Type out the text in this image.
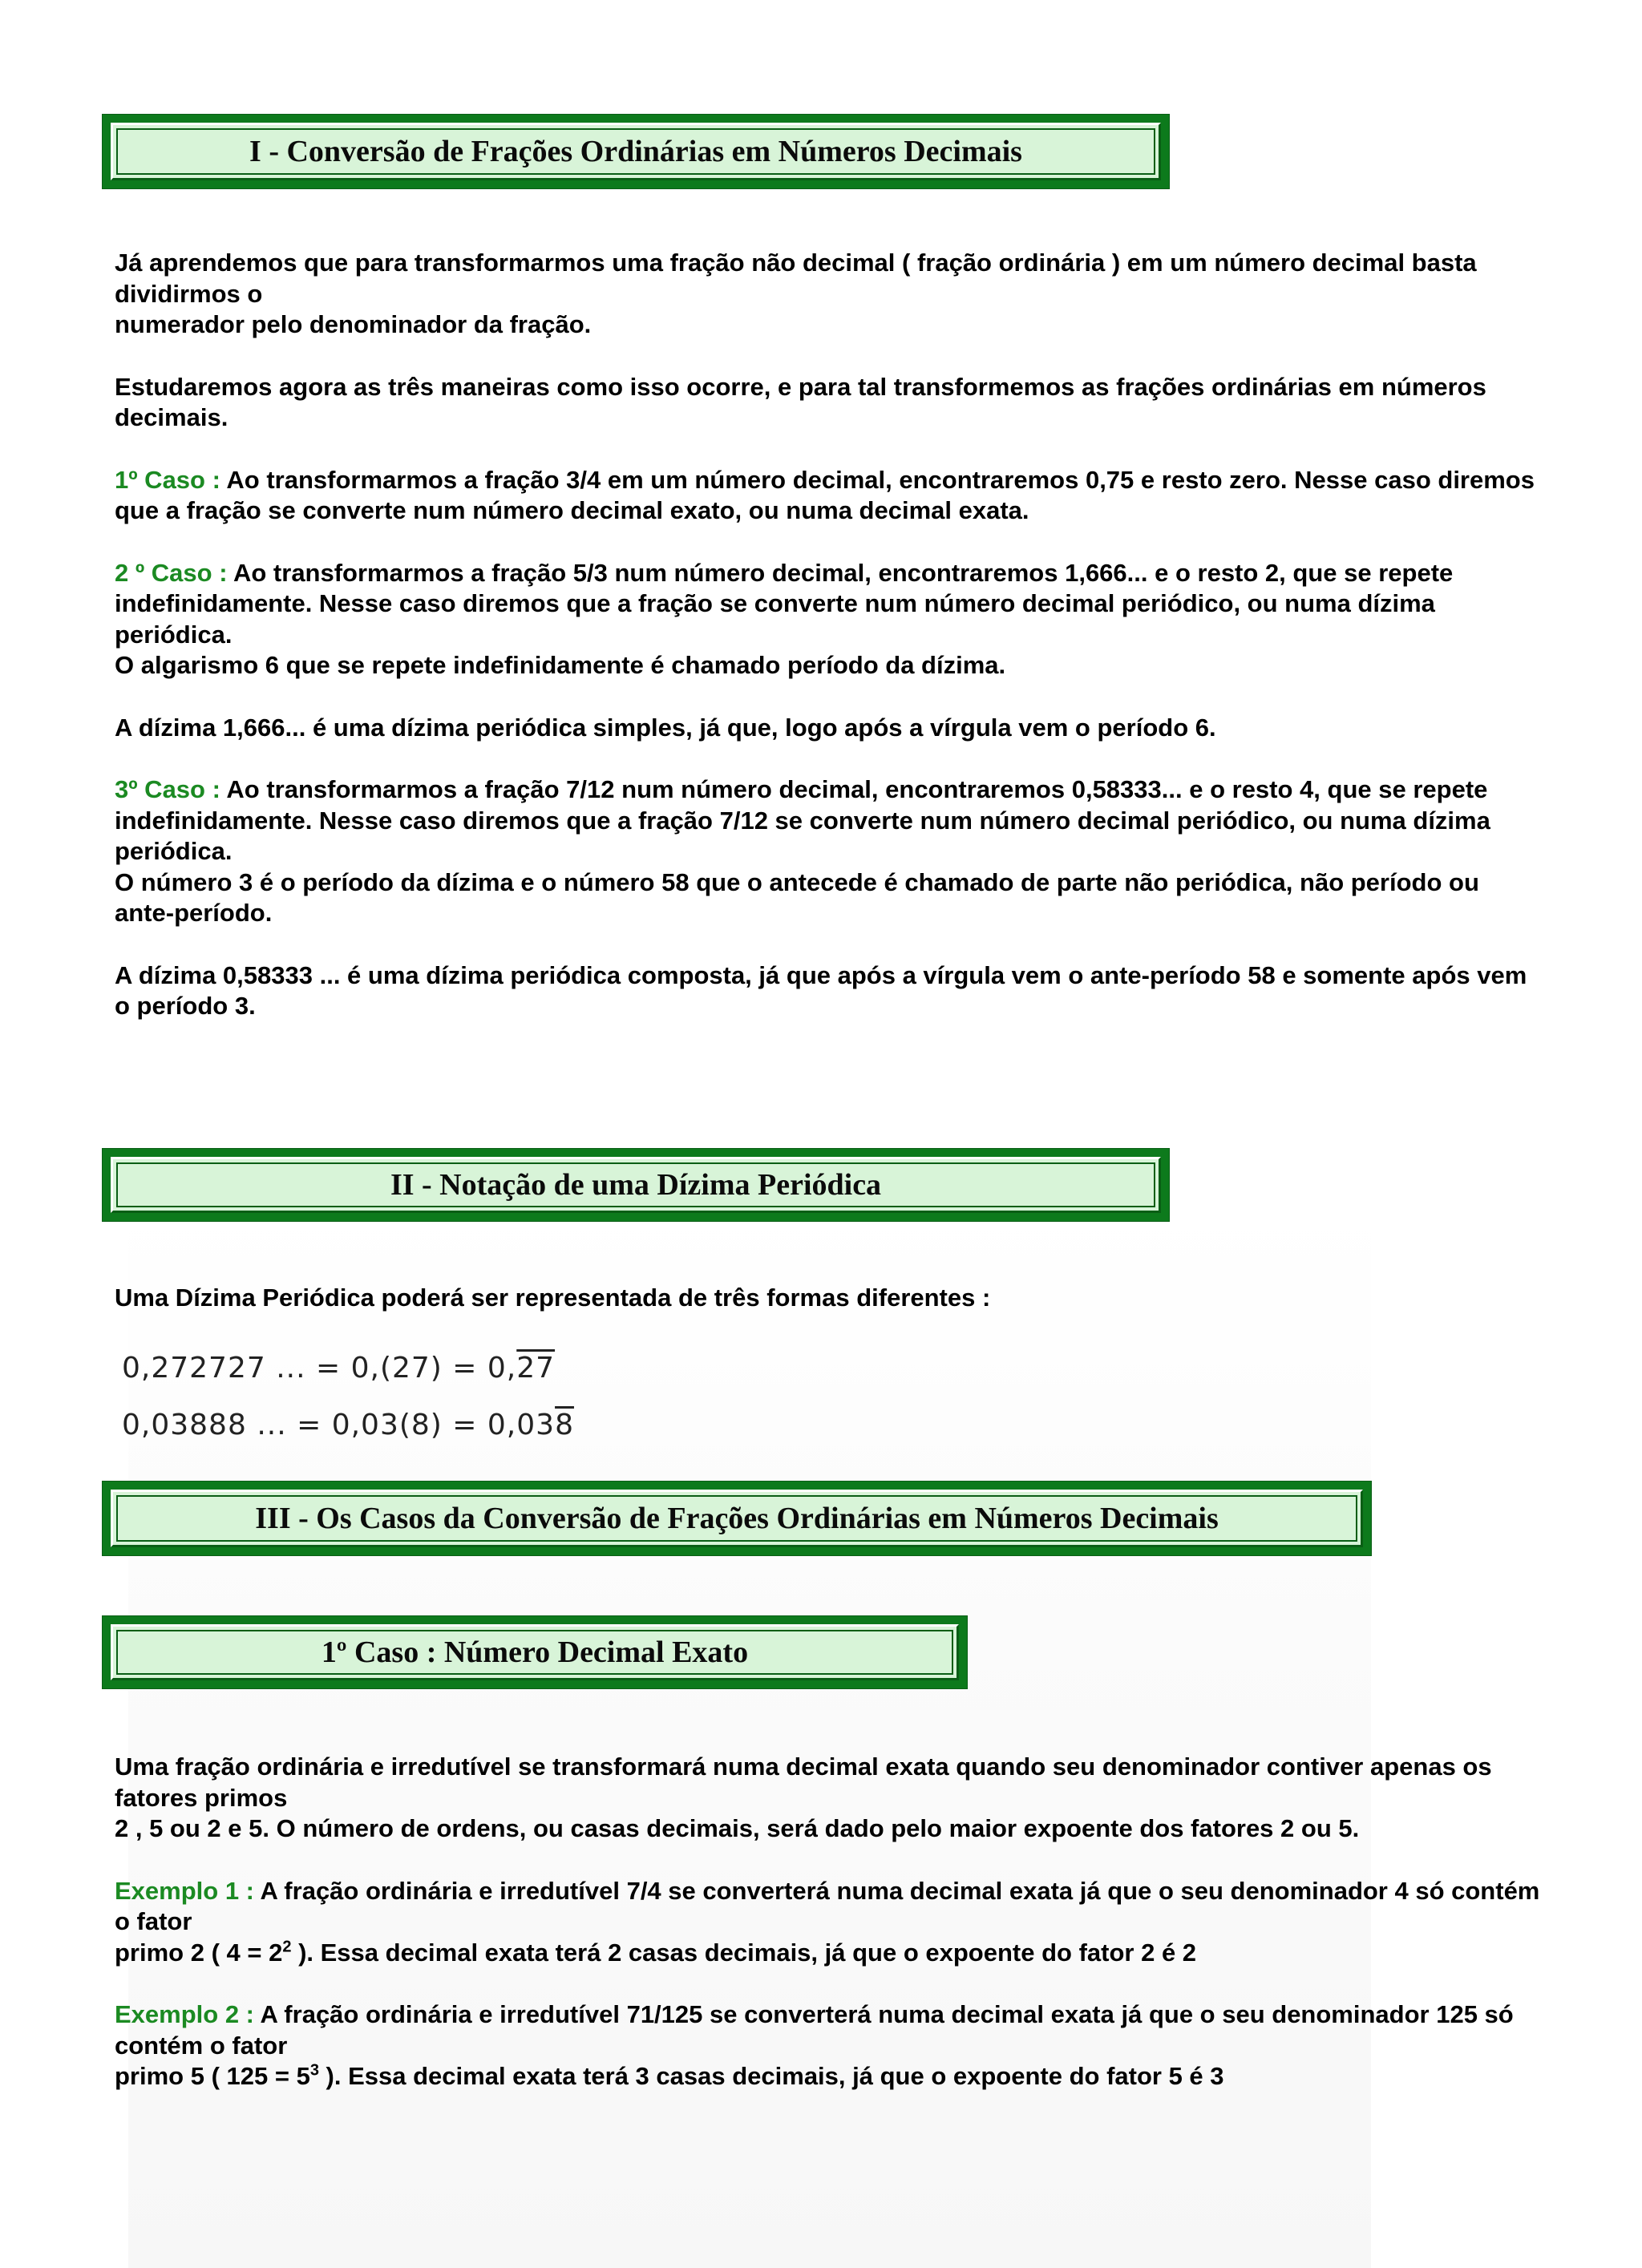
I - Conversão de Frações Ordinárias em Números Decimais

Já aprendemos que para transformarmos uma fração não decimal ( fração ordinária ) em um número decimal basta dividirmos o
numerador pelo denominador da fração.

Estudaremos agora as três maneiras como isso ocorre, e para tal transformemos as frações ordinárias em números decimais.

1º Caso : Ao transformarmos a fração 3/4 em um número decimal, encontraremos 0,75 e resto zero. Nesse caso diremos
que a fração se converte num número decimal exato, ou numa decimal exata.

2 º Caso : Ao transformarmos a fração 5/3 num número decimal, encontraremos 1,666... e o resto 2, que se repete
indefinidamente. Nesse caso diremos que a fração se converte num número decimal periódico, ou numa dízima periódica.
O algarismo 6 que se repete indefinidamente é chamado período da dízima.

A dízima 1,666... é uma dízima periódica simples, já que, logo após a vírgula vem o período 6.

3º Caso : Ao transformarmos a fração 7/12 num número decimal, encontraremos 0,58333... e o resto 4, que se repete
indefinidamente. Nesse caso diremos que a fração 7/12 se converte num número decimal periódico, ou numa dízima periódica.
O número 3 é o período da dízima e o número 58 que o antecede é chamado de parte não periódica, não período ou ante-período.

A dízima 0,58333 ... é uma dízima periódica composta, já que após a vírgula vem o ante-período 58 e somente após vem o período 3.

II - Notação de uma Dízima Periódica
Uma Dízima Periódica poderá ser representada de três formas diferentes :
0,272727 ... = 0,(27) = 0,27
0,03888 ... = 0,03(8) = 0,038
III - Os Casos da Conversão de Frações Ordinárias em Números Decimais
1º Caso : Número Decimal Exato

Uma fração ordinária e irredutível se transformará numa decimal exata quando seu denominador contiver apenas os fatores primos
2 , 5 ou 2 e 5. O número de ordens, ou casas decimais, será dado pelo maior expoente dos fatores 2 ou 5.

Exemplo 1 : A fração ordinária e irredutível 7/4 se converterá numa decimal exata já que o seu denominador 4 só contém o fator
primo 2 ( $4 = 2^2$ ). Essa decimal exata terá 2 casas decimais, já que o expoente do fator 2 é 2

Exemplo 2 : A fração ordinária e irredutível 71/125 se converterá numa decimal exata já que o seu denominador 125 só contém o fator
primo 5 ( $125 = 5^3$ ). Essa decimal exata terá 3 casas decimais, já que o expoente do fator 5 é 3
